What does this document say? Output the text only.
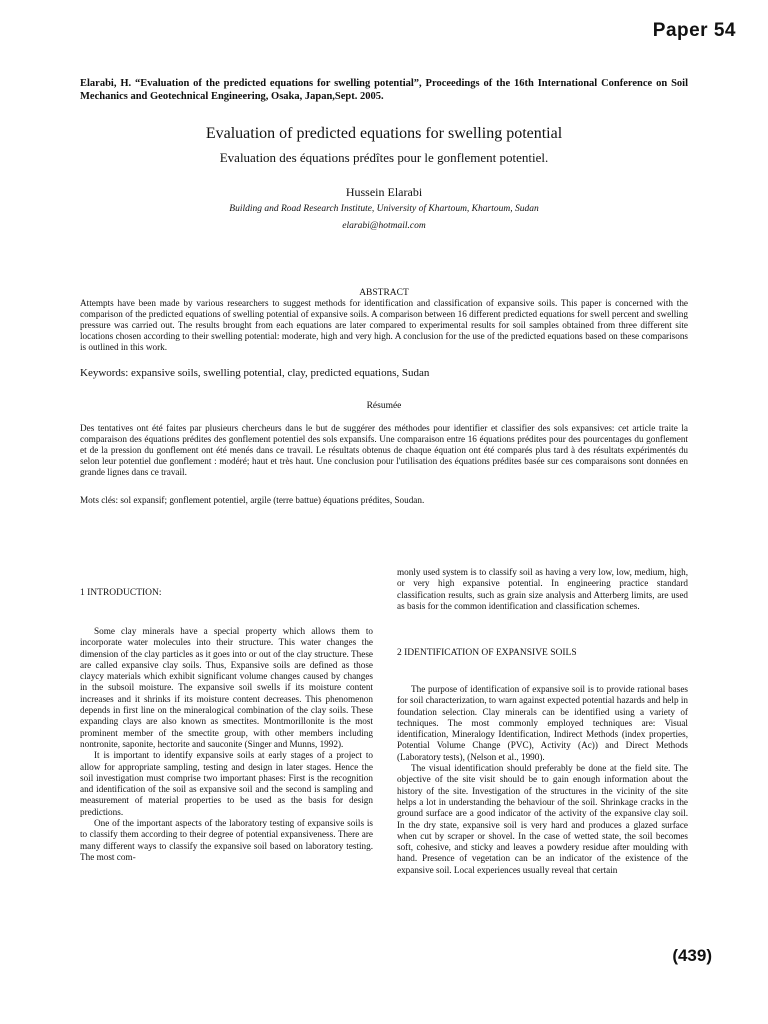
Paper 54
Elarabi, H. “Evaluation of the predicted equations for swelling potential”, Proceedings of the 16th International Conference on Soil Mechanics and Geotechnical Engineering, Osaka, Japan,Sept. 2005.
Evaluation of predicted equations for swelling potential
Evaluation des équations prédîtes pour le gonflement potentiel.
Hussein Elarabi
Building and Road Research Institute, University of Khartoum, Khartoum, Sudan
elarabi@hotmail.com
ABSTRACT
Attempts have been made by various researchers to suggest methods for identification and classification of expansive soils. This paper is concerned with the comparison of the predicted equations of swelling potential of expansive soils. A comparison between 16 different predicted equations for swell percent and swelling pressure was carried out. The results brought from each equations are later compared to experimental results for soil samples obtained from three different site locations chosen according to their swelling potential: moderate, high and very high. A conclusion for the use of the predicted equations based on these comparisons is outlined in this work.
Keywords: expansive soils, swelling potential, clay, predicted equations, Sudan
Résumée
Des tentatives ont été faites par plusieurs chercheurs dans le but de suggérer des méthodes pour identifier et classifier des sols expansives: cet article traite la comparaison des équations prédites des gonflement potentiel des sols expansifs. Une comparaison entre 16 équations prédites pour des pourcentages du gonflement et de la pression du gonflement ont été menés dans ce travail. Le résultats obtenus de chaque équation ont été comparés plus tard à des résultats expérimentés du selon leur potentiel due gonflement : modéré; haut et très haut. Une conclusion pour l'utilisation des équations prédites basée sur ces comparaisons sont données en grande lignes dans ce travail.
Mots clés: sol expansif; gonflement potentiel, argile (terre battue) équations prédites, Soudan.
1 INTRODUCTION:

Some clay minerals have a special property which allows them to incorporate water molecules into their structure. This water changes the dimension of the clay particles as it goes into or out of the clay structure. These are called expansive clay soils. Thus, Expansive soils are defined as those claycy materials which exhibit significant volume changes caused by changes in the subsoil moisture. The expansive soil swells if its moisture content increases and it shrinks if its moisture content decreases. This phenomenon depends in first line on the mineralogical combination of the clay soils. These expanding clays are also known as smectites. Montmorillonite is the most prominent member of the smectite group, with other members including nontronite, saponite, hectorite and sauconite (Singer and Munns, 1992).

It is important to identify expansive soils at early stages of a project to allow for appropriate sampling, testing and design in later stages. Hence the soil investigation must comprise two important phases: First is the recognition and identification of the soil as expansive soil and the second is sampling and measurement of material properties to be used as the basis for design predictions.

One of the important aspects of the laboratory testing of expansive soils is to classify them according to their degree of potential expansiveness. There are many different ways to classify the expansive soil based on laboratory testing. The most com-

monly used system is to classify soil as having a very low, low, medium, high, or very high expansive potential. In engineering practice standard classification results, such as grain size analysis and Atterberg limits, are used as basis for the common identification and classification schemes.

2 IDENTIFICATION OF EXPANSIVE SOILS

The purpose of identification of expansive soil is to provide rational bases for soil characterization, to warn against expected potential hazards and help in foundation selection. Clay minerals can be identified using a variety of techniques. The most commonly employed techniques are: Visual identification, Mineralogy Identification, Indirect Methods (index properties, Potential Volume Change (PVC), Activity (Ac)) and Direct Methods (Laboratory tests), (Nelson et al., 1990).

The visual identification should preferably be done at the field site. The objective of the site visit should be to gain enough information about the history of the site. Investigation of the structures in the vicinity of the site helps a lot in understanding the behaviour of the soil. Shrinkage cracks in the ground surface are a good indicator of the activity of the expansive clay soil. In the dry state, expansive soil is very hard and produces a glazed surface when cut by scraper or shovel. In the case of wetted state, the soil becomes soft, cohesive, and sticky and leaves a powdery residue after moulding with hand. Presence of vegetation can be an indicator of the existence of the expansive soil. Local experiences usually reveal that certain

(439)
